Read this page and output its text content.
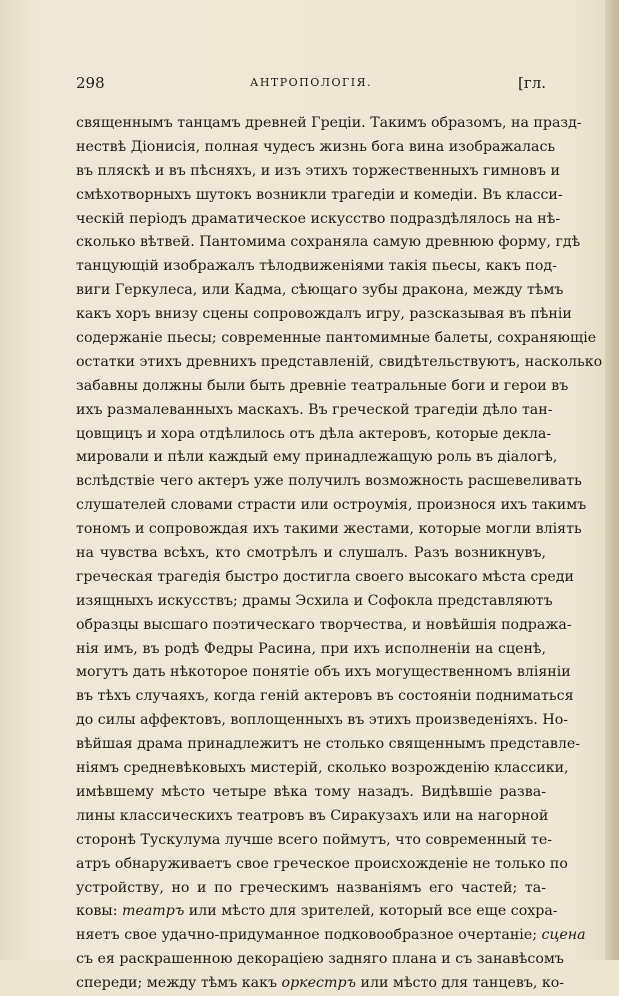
298	АНТРОПОЛОГІЯ.	[гл.
священнымъ танцамъ древней Греціи. Такимъ образомъ, на празд-
нествѣ Діонисія, полная чудесъ жизнь бога вина изображалась
въ пляскѣ и въ пѣсняхъ, и изъ этихъ торжественныхъ гимновъ и
смѣхотворныхъ шутокъ возникли трагедіи и комедіи. Въ класси-
ческій періодъ драматическое искусство подраздѣлялось на нѣ-
сколько вѣтвей. Пантомима сохраняла самую древнюю форму, гдѣ
танцующій изображалъ тѣлодвиженіями такія пьесы, какъ под-
виги Геркулеса, или Кадма, сѣющаго зубы дракона, между тѣмъ
какъ хоръ внизу сцены сопровождалъ игру, разсказывая въ пѣніи
содержаніе пьесы; современные пантомимные балеты, сохраняющіе
остатки этихъ древнихъ представленій, свидѣтельствуютъ, насколько
забавны должны были быть древніе театральные боги и герои въ
ихъ размалеванныхъ маскахъ. Въ греческой трагедіи дѣло тан-
цовщицъ и хора отдѣлилось отъ дѣла актеровъ, которые декла-
мировали и пѣли каждый ему принадлежащую роль въ діалогѣ,
вслѣдствіе чего актеръ уже получилъ возможность расшевеливать
слушателей словами страсти или остроумія, произнося ихъ такимъ
тономъ и сопровождая ихъ такими жестами, которые могли вліять
на чувства всѣхъ, кто смотрѣлъ и слушалъ. Разъ возникнувъ,
греческая трагедія быстро достигла своего высокаго мѣста среди
изящныхъ искусствъ; драмы Эсхила и Софокла представляютъ
образцы высшаго поэтическаго творчества, и новѣйшія подража-
нія имъ, въ родѣ Федры Расина, при ихъ исполненіи на сценѣ,
могутъ дать нѣкоторое понятіе объ ихъ могущественномъ вліяніи
въ тѣхъ случаяхъ, когда геній актеровъ въ состояніи подниматься
до силы аффектовъ, воплощенныхъ въ этихъ произведеніяхъ. Но-
вѣйшая драма принадлежитъ не столько священнымъ представле-
ніямъ средневѣковыхъ мистерій, сколько возрожденію классики,
имѣвшему мѣсто четыре вѣка тому назадъ. Видѣвшіе развa-
лины классическихъ театровъ въ Сиракузахъ или на нагорной
сторонѣ Тускулума лучше всего поймутъ, что современный те-
атръ обнаруживаетъ свое греческое происхожденіе не только по
устройству, но и по греческимъ названіямъ его частей; та-
ковы: театръ или мѣсто для зрителей, который все еще сохра-
няетъ свое удачно-придуманное подковообразное очертаніе; сцена
съ ея раскрашенною декораціею задняго плана и съ занавѣсомъ
спереди; между тѣмъ какъ оркестръ или мѣсто для танцевъ, ко-
